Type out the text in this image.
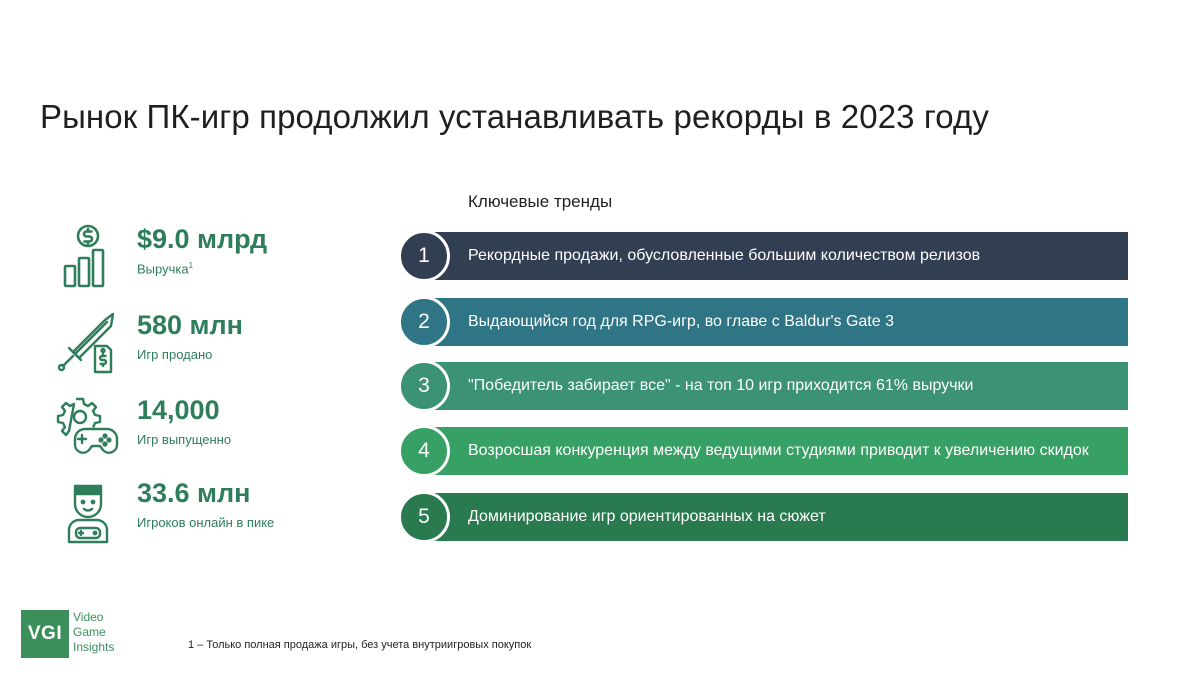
Рынок ПК-игр продолжил устанавливать рекорды в 2023 году
$9.0 млрд
Выручка$^1$
580 млн
Игр продано
14,000
Игр выпущенно
33.6 млн
Игроков онлайн в пике
Ключевые тренды
1	Рекордные продажи, обусловленные большим количеством релизов
2	Выдающийся год для RPG-игр, во главе с Baldur's Gate 3
3	"Победитель забирает все" - на топ 10 игр приходится 61% выручки
4	Возросшая конкуренция между ведущими студиями приводит к увеличению скидок
5	Доминирование игр ориентированных на сюжет
VGI
Video
Game
Insights	1 – Только полная продажа игры, без учета внутриигровых покупок
